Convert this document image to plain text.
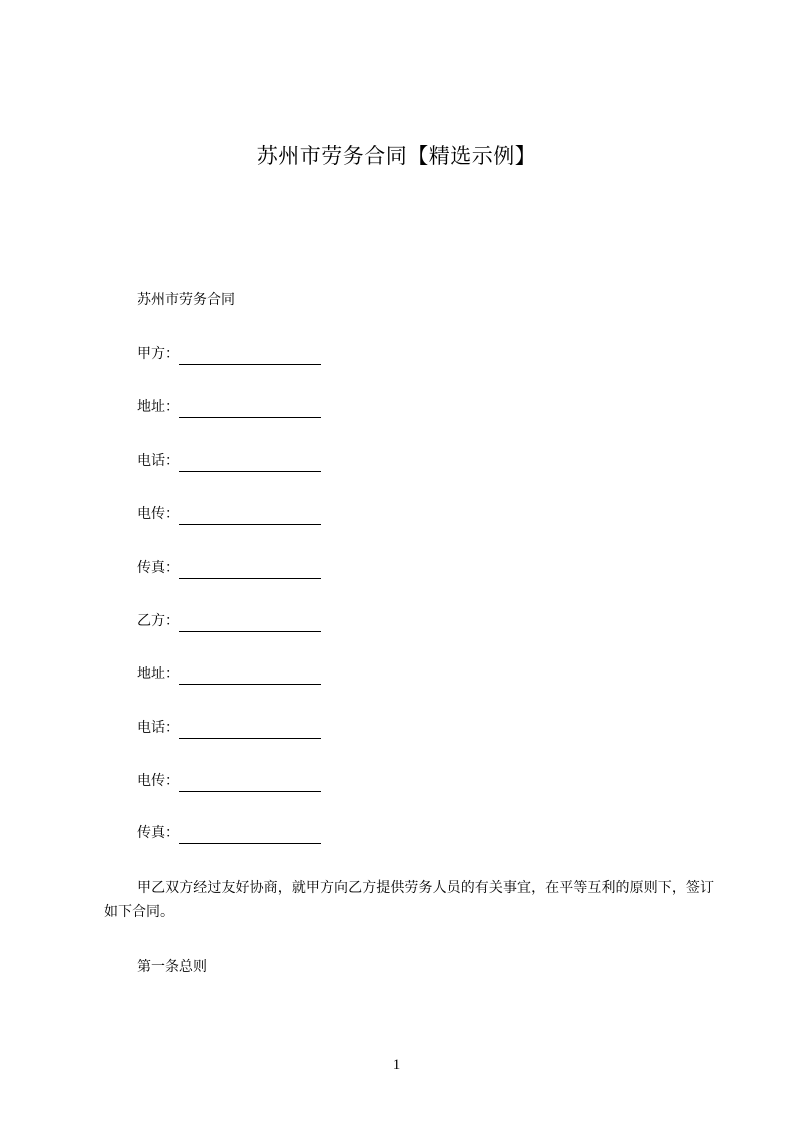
苏州市劳务合同【精选示例】
苏州市劳务合同
甲方：
地址：
电话：
电传：
传真：
乙方：
地址：
电话：
电传：
传真：
甲乙双方经过友好协商，就甲方向乙方提供劳务人员的有关事宜，在平等互利的原则下，签订如下合同。
第一条总则
1
